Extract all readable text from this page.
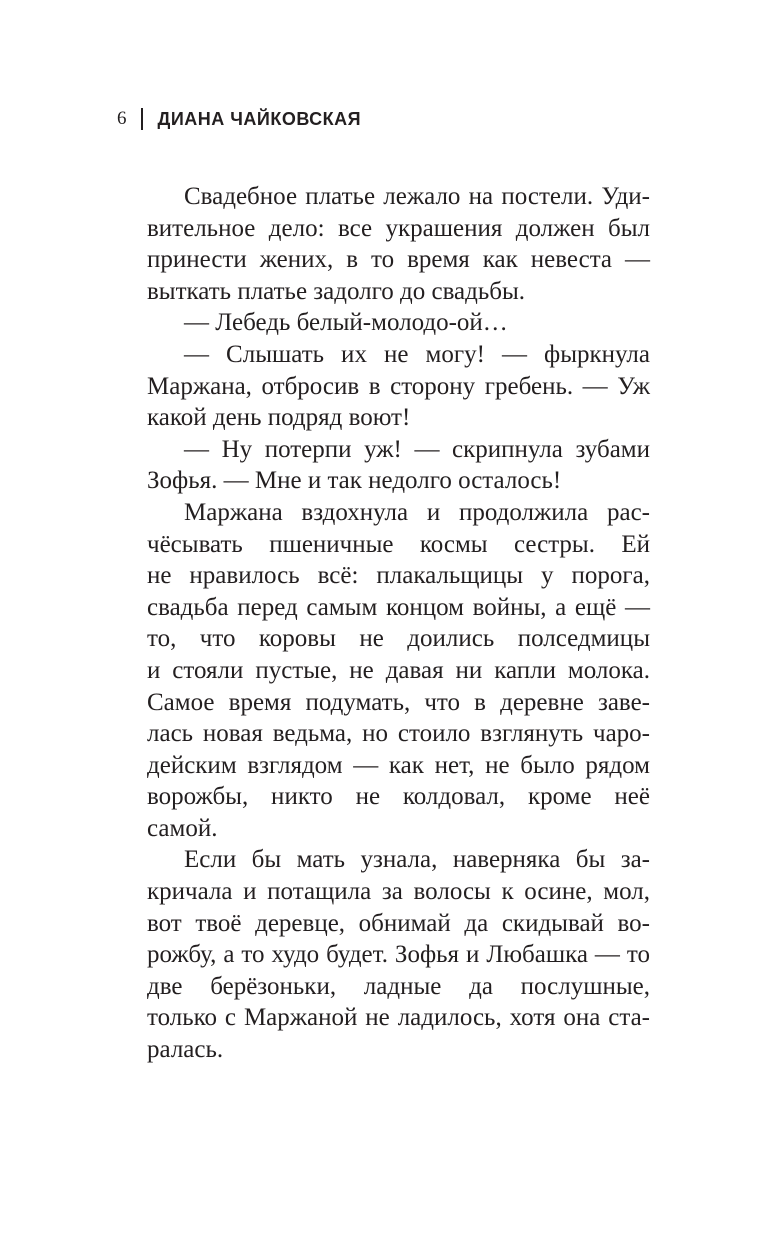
6 ДИАНА ЧАЙКОВСКАЯ
Свадебное платье лежало на постели. Уди-
вительное дело: все украшения должен был
принести жених, в то время как невеста —
выткать платье задолго до свадьбы.
— Лебедь белый-молодо-ой…
— Слышать их не могу! — фыркнула
Маржана, отбросив в сторону гребень. — Уж
какой день подряд воют!
— Ну потерпи уж! — скрипнула зубами
Зофья. — Мне и так недолго осталось!
Маржана вздохнула и продолжила рас-
чёсывать пшеничные космы сестры. Ей
не нравилось всё: плакальщицы у порога,
свадьба перед самым концом войны, а ещё —
то, что коровы не доились полседмицы
и стояли пустые, не давая ни капли молока.
Самое время подумать, что в деревне заве-
лась новая ведьма, но стоило взглянуть чаро-
дейским взглядом — как нет, не было рядом
ворожбы, никто не колдовал, кроме неё
самой.
Если бы мать узнала, наверняка бы за-
кричала и потащила за волосы к осине, мол,
вот твоё деревце, обнимай да скидывай во-
рожбу, а то худо будет. Зофья и Любашка — то
две берёзоньки, ладные да послушные,
только с Маржаной не ладилось, хотя она ста-
ралась.
